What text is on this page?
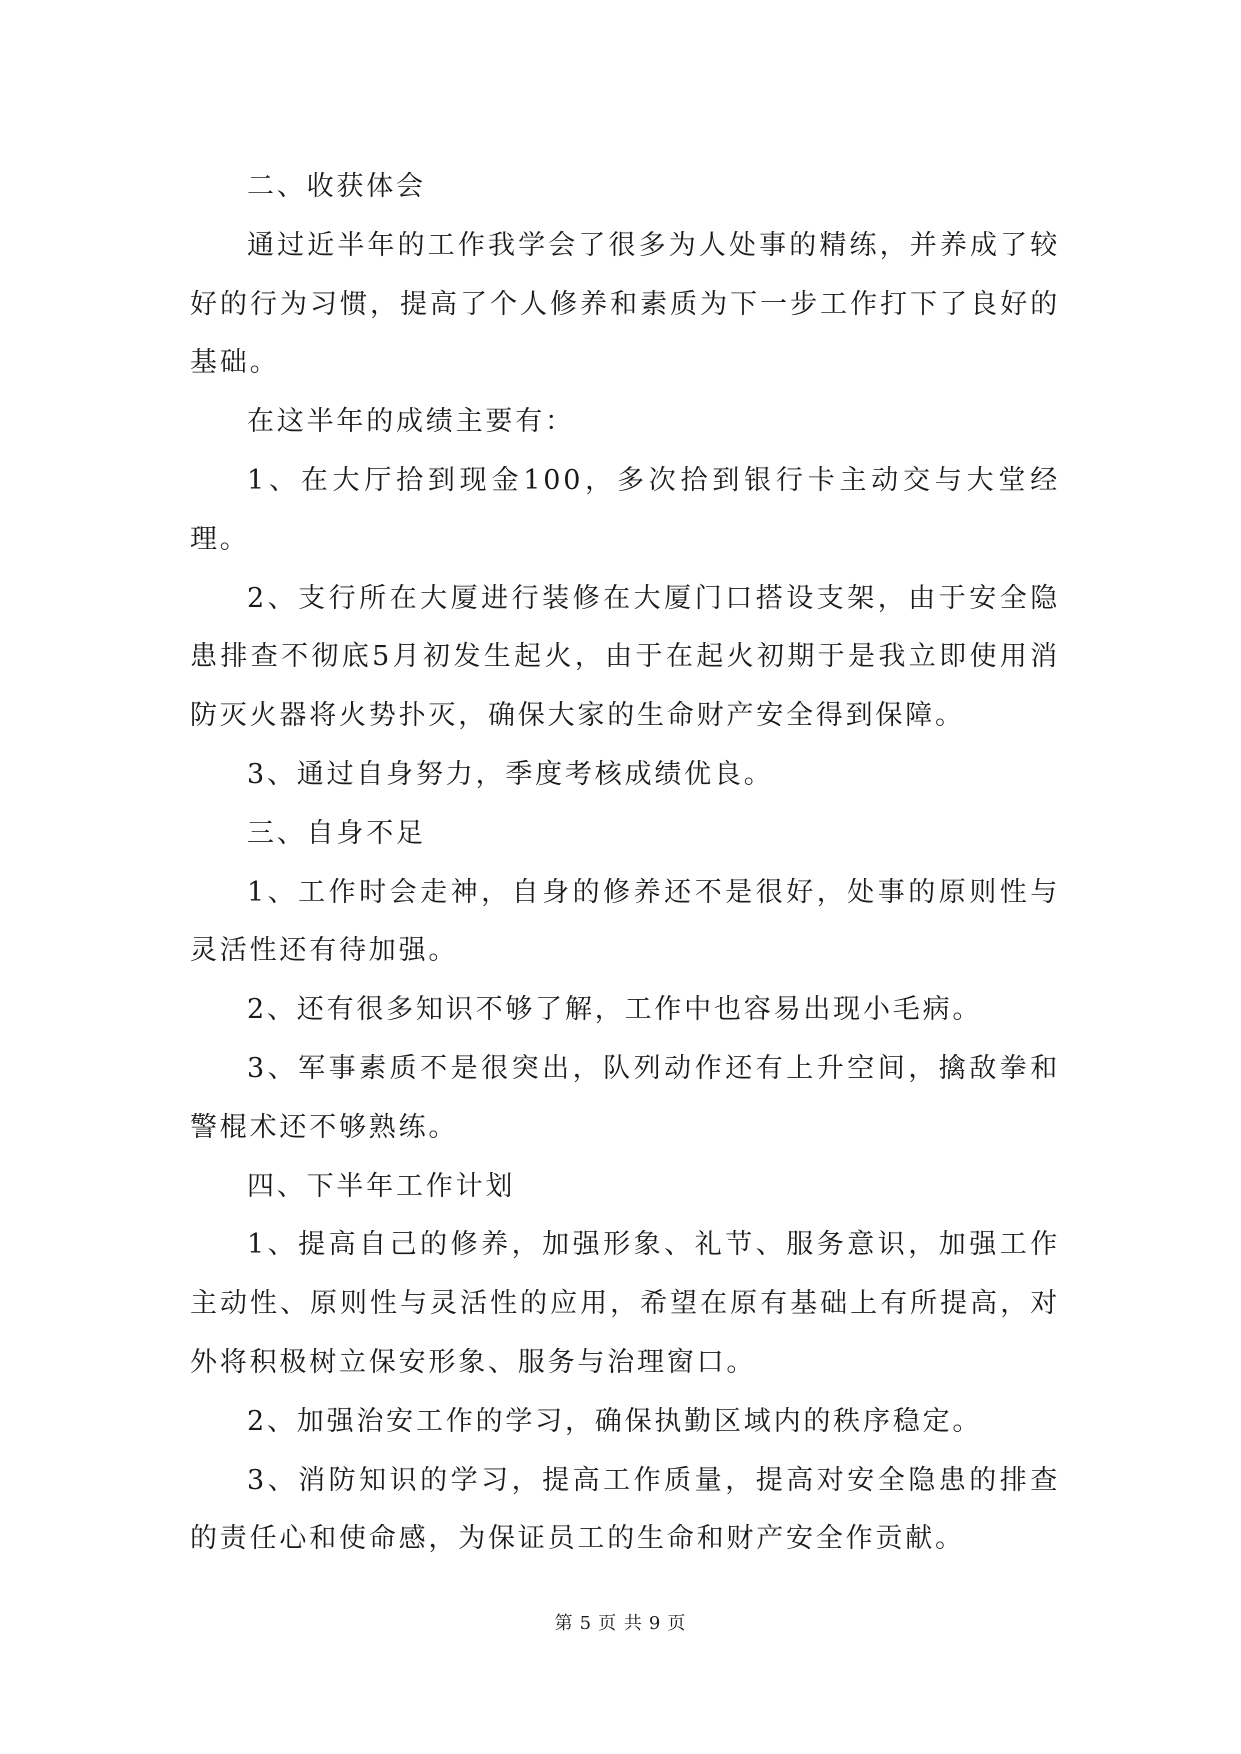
二、收获体会

通过近半年的工作我学会了很多为人处事的精练，并养成了较好的行为习惯，提高了个人修养和素质为下一步工作打下了良好的基础。

在这半年的成绩主要有：

1、在大厅拾到现金100，多次拾到银行卡主动交与大堂经理。

2、支行所在大厦进行装修在大厦门口搭设支架，由于安全隐患排查不彻底5月初发生起火，由于在起火初期于是我立即使用消防灭火器将火势扑灭，确保大家的生命财产安全得到保障。

3、通过自身努力，季度考核成绩优良。

三、自身不足

1、工作时会走神，自身的修养还不是很好，处事的原则性与灵活性还有待加强。

2、还有很多知识不够了解，工作中也容易出现小毛病。

3、军事素质不是很突出，队列动作还有上升空间，擒敌拳和警棍术还不够熟练。

四、下半年工作计划

1、提高自己的修养，加强形象、礼节、服务意识，加强工作主动性、原则性与灵活性的应用，希望在原有基础上有所提高，对外将积极树立保安形象、服务与治理窗口。

2、加强治安工作的学习，确保执勤区域内的秩序稳定。

3、消防知识的学习，提高工作质量，提高对安全隐患的排查的责任心和使命感，为保证员工的生命和财产安全作贡献。

第 5 页 共 9 页
